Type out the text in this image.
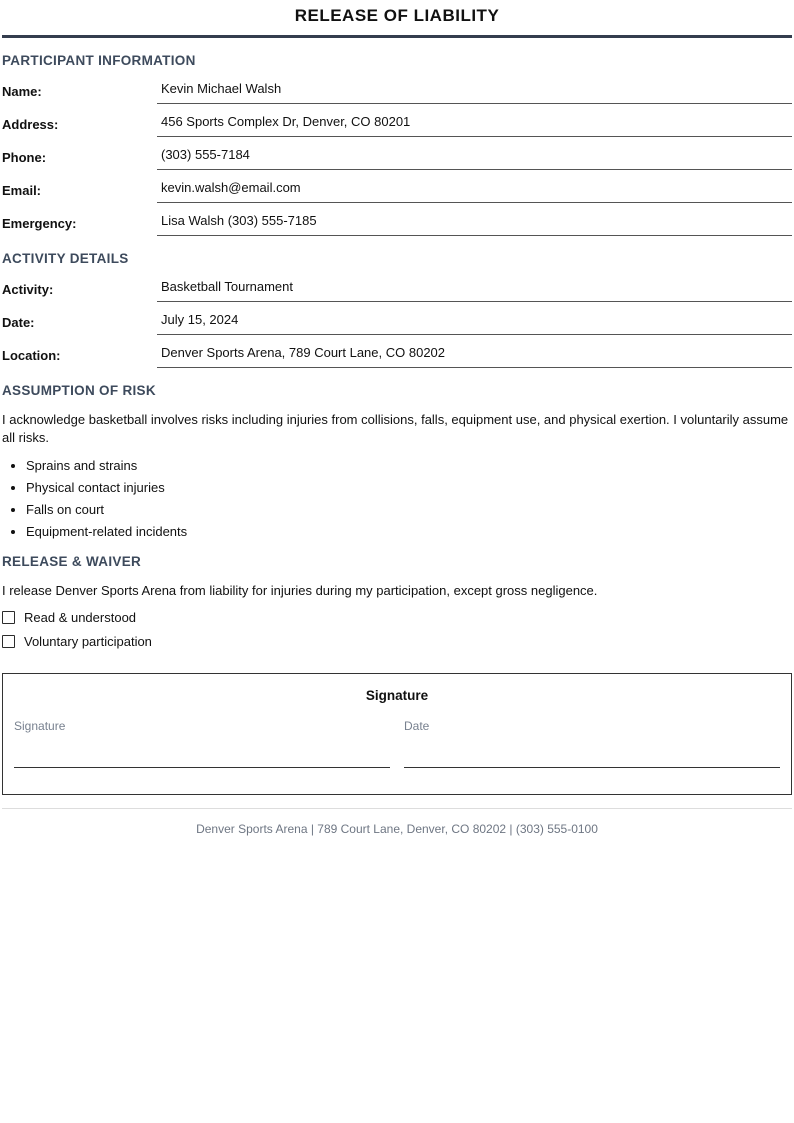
RELEASE OF LIABILITY
PARTICIPANT INFORMATION
Name:	Kevin Michael Walsh
Address:	456 Sports Complex Dr, Denver, CO 80201
Phone:	(303) 555-7184
Email:	kevin.walsh@email.com
Emergency:	Lisa Walsh (303) 555-7185
ACTIVITY DETAILS
Activity:	Basketball Tournament
Date:	July 15, 2024
Location:	Denver Sports Arena, 789 Court Lane, CO 80202
ASSUMPTION OF RISK

I acknowledge basketball involves risks including injuries from collisions, falls, equipment use, and physical exertion. I voluntarily assume all risks.

• Sprains and strains
• Physical contact injuries
• Falls on court
• Equipment-related incidents
RELEASE & WAIVER

I release Denver Sports Arena from liability for injuries during my participation, except gross negligence.

Read & understood
Voluntary participation
Signature
Signature	Date
Denver Sports Arena | 789 Court Lane, Denver, CO 80202 | (303) 555-0100
